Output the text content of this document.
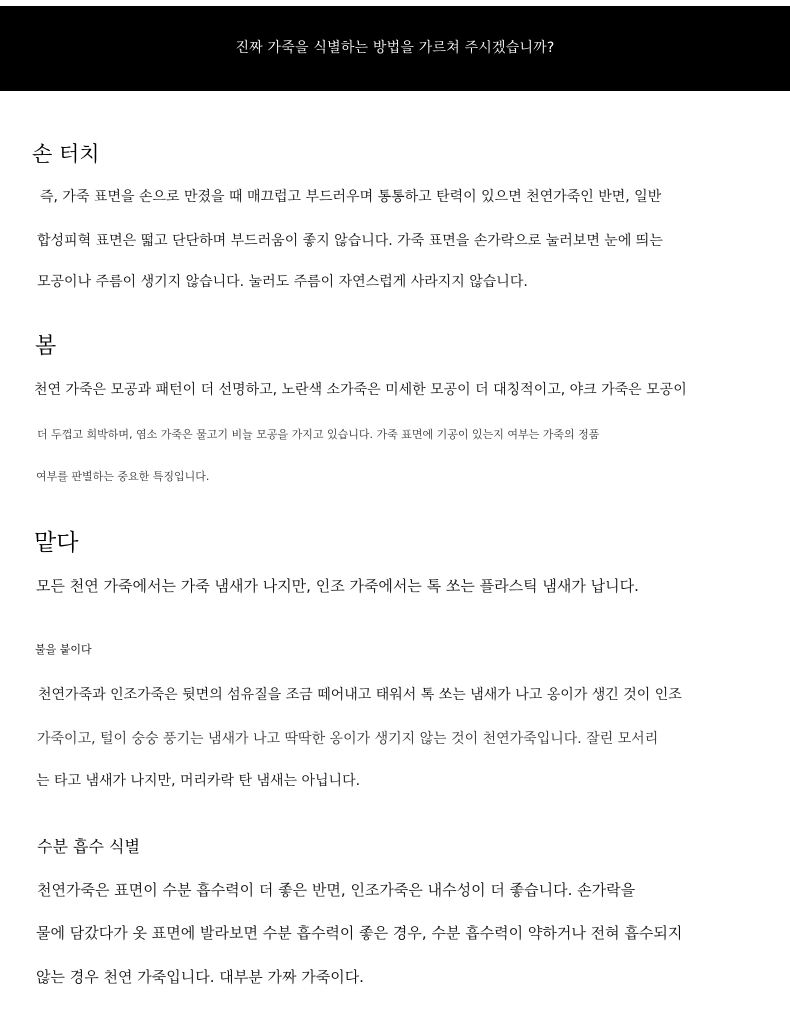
진짜 가죽을 식별하는 방법을 가르쳐 주시겠습니까?
손 터치

즉, 가죽 표면을 손으로 만졌을 때 매끄럽고 부드러우며 통통하고 탄력이 있으면 천연가죽인 반면, 일반

합성피혁 표면은 떫고 단단하며 부드러움이 좋지 않습니다. 가죽 표면을 손가락으로 눌러보면 눈에 띄는

모공이나 주름이 생기지 않습니다. 눌러도 주름이 자연스럽게 사라지지 않습니다.

봄

천연 가죽은 모공과 패턴이 더 선명하고, 노란색 소가죽은 미세한 모공이 더 대칭적이고, 야크 가죽은 모공이

더 두껍고 희박하며, 염소 가죽은 물고기 비늘 모공을 가지고 있습니다. 가죽 표면에 기공이 있는지 여부는 가죽의 정품

여부를 판별하는 중요한 특징입니다.

맡다

모든 천연 가죽에서는 가죽 냄새가 나지만, 인조 가죽에서는 톡 쏘는 플라스틱 냄새가 납니다.

불을 붙이다

천연가죽과 인조가죽은 뒷면의 섬유질을 조금 떼어내고 태워서 톡 쏘는 냄새가 나고 옹이가 생긴 것이 인조

가죽이고, 털이 숭숭 풍기는 냄새가 나고 딱딱한 옹이가 생기지 않는 것이 천연가죽입니다. 잘린 모서리

는 타고 냄새가 나지만, 머리카락 탄 냄새는 아닙니다.

수분 흡수 식별

천연가죽은 표면이 수분 흡수력이 더 좋은 반면, 인조가죽은 내수성이 더 좋습니다. 손가락을

물에 담갔다가 옷 표면에 발라보면 수분 흡수력이 좋은 경우, 수분 흡수력이 약하거나 전혀 흡수되지

않는 경우 천연 가죽입니다. 대부분 가짜 가죽이다.
